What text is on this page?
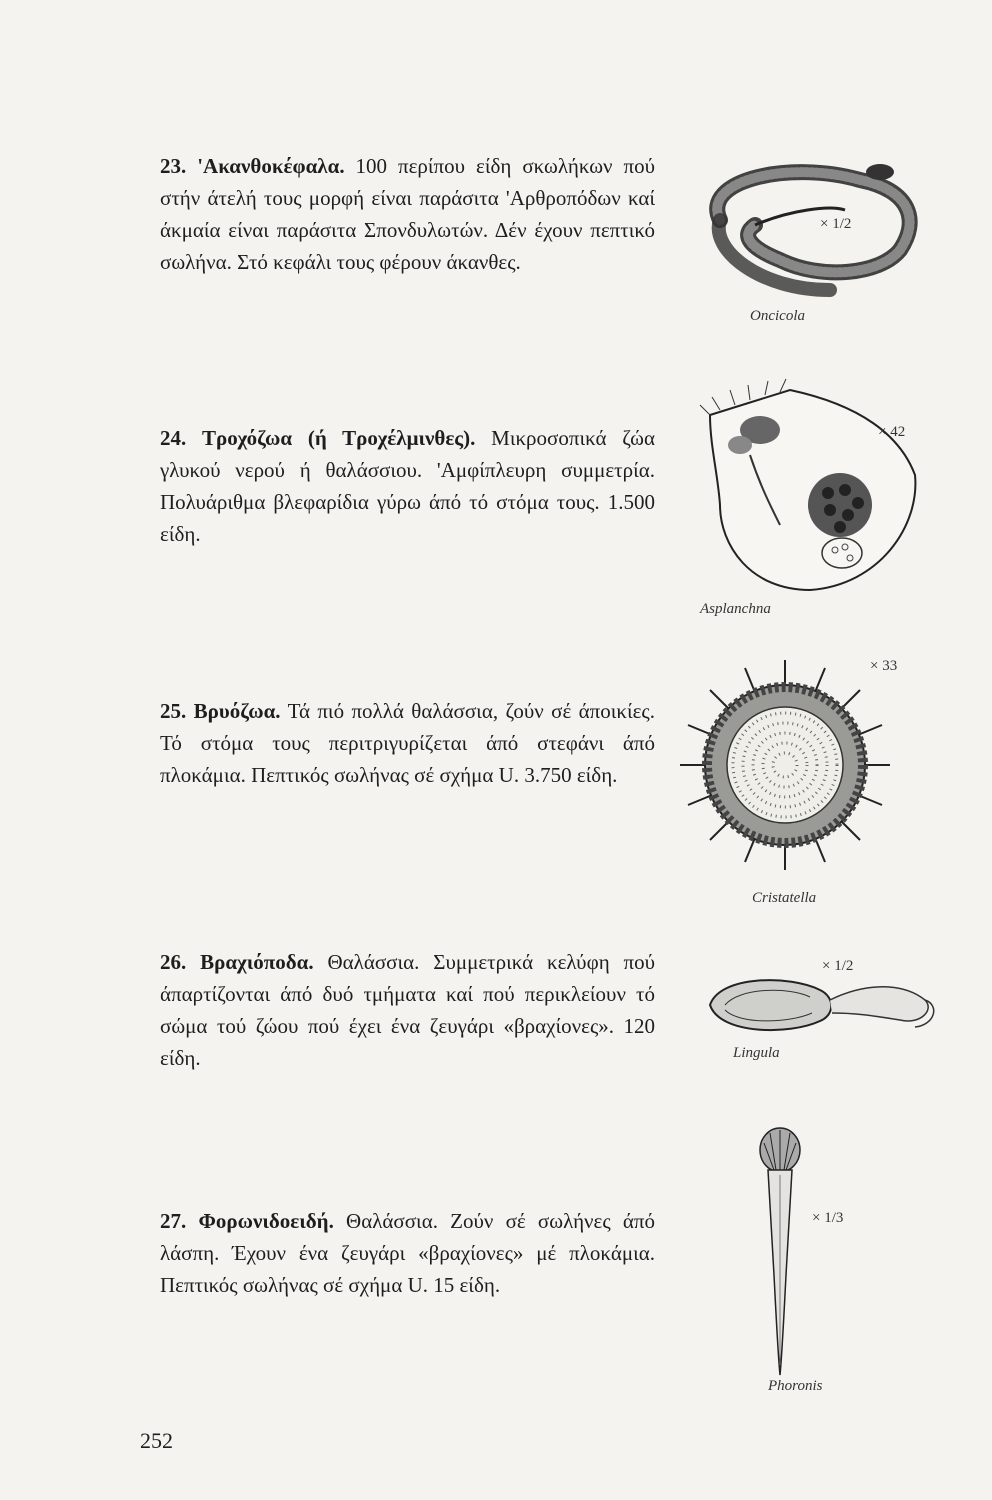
23. 'Ακανθοκέφαλα. 100 περίπου είδη σκωλήκων πού στήν άτελή τους μορφή είναι παράσιτα 'Αρθροπόδων καί άκμαία είναι παράσιτα Σπονδυλωτών. Δέν έχουν πεπτικό σωλήνα. Στό κεφάλι τους φέρουν άκανθες.

24. Τροχόζωα (ή Τροχέλμινθες). Μικροσοπικά ζώα γλυκού νερού ή θαλάσσιου. 'Αμφίπλευρη συμμετρία. Πολυάριθμα βλεφαρίδια γύρω άπό τό στόμα τους. 1.500 είδη.

25. Βρυόζωα. Τά πιό πολλά θαλάσσια, ζούν σέ άποικίες. Τό στόμα τους περιτριγυρίζεται άπό στεφάνι άπό πλοκάμια. Πεπτικός σωλήνας σέ σχήμα U. 3.750 είδη.

26. Βραχιόποδα. Θαλάσσια. Συμμετρικά κελύφη πού άπαρτίζονται άπό δυό τμήματα καί πού περικλείουν τό σώμα τού ζώου πού έχει ένα ζευγάρι «βραχίονες». 120 είδη.

27. Φορωνιδοειδή. Θαλάσσια. Ζούν σέ σωλήνες άπό λάσπη. Έχουν ένα ζευγάρι «βραχίονες» μέ πλοκάμια. Πεπτικός σωλήνας σέ σχήμα U. 15 είδη.

× 1/2
Oncicola
× 42
Asplanchna
× 33
Cristatella
× 1/2
Lingula
× 1/3
Phoronis
252
